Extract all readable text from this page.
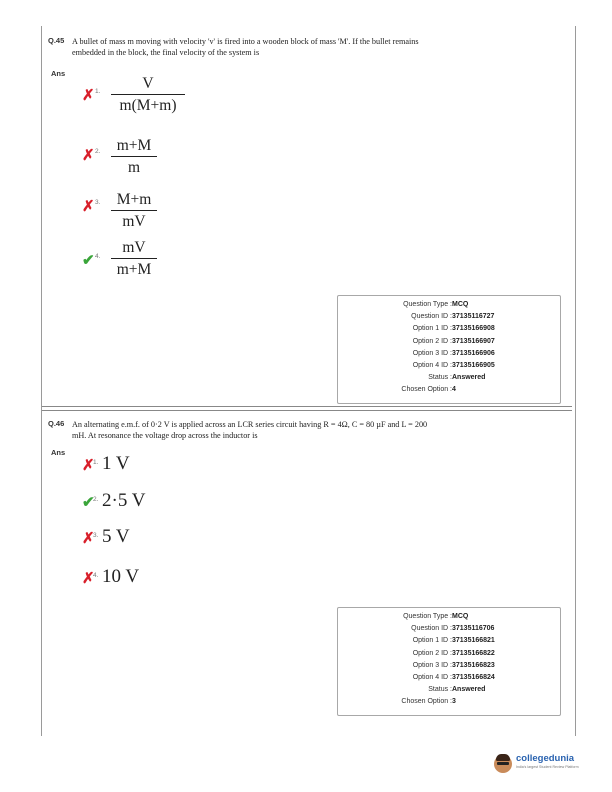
Q.45 A bullet of mass m moving with velocity 'v' is fired into a wooden block of mass 'M'. If the bullet remains embedded in the block, the final velocity of the system is
Ans
✗ 1.	V
m(M+m)
✗ 2.	m+M
m
✗ 3.	M+m
mV
✔ 4.
mV
m+M
Question Type : MCQ
Question ID : 37135116727
Option 1 ID : 37135166908
Option 2 ID : 37135166907
Option 3 ID : 37135166906
Option 4 ID : 37135166905
Status : Answered
Chosen Option : 4
Q.46 An alternating e.m.f. of 0·2 V is applied across an LCR series circuit having R = 4Ω, C = 80 µF and L = 200 mH. At resonance the voltage drop across the inductor is
Ans
✗
1. 1 V
✔
2. 2·5 V
✗
3. 5 V
✗
4. 10 V
Question Type : MCQ
Question ID : 37135116706
Option 1 ID : 37135166821
Option 2 ID : 37135166822
Option 3 ID : 37135166823
Option 4 ID : 37135166824
Status : Answered
Chosen Option : 3
collegedunia
India's largest Student Review Platform
